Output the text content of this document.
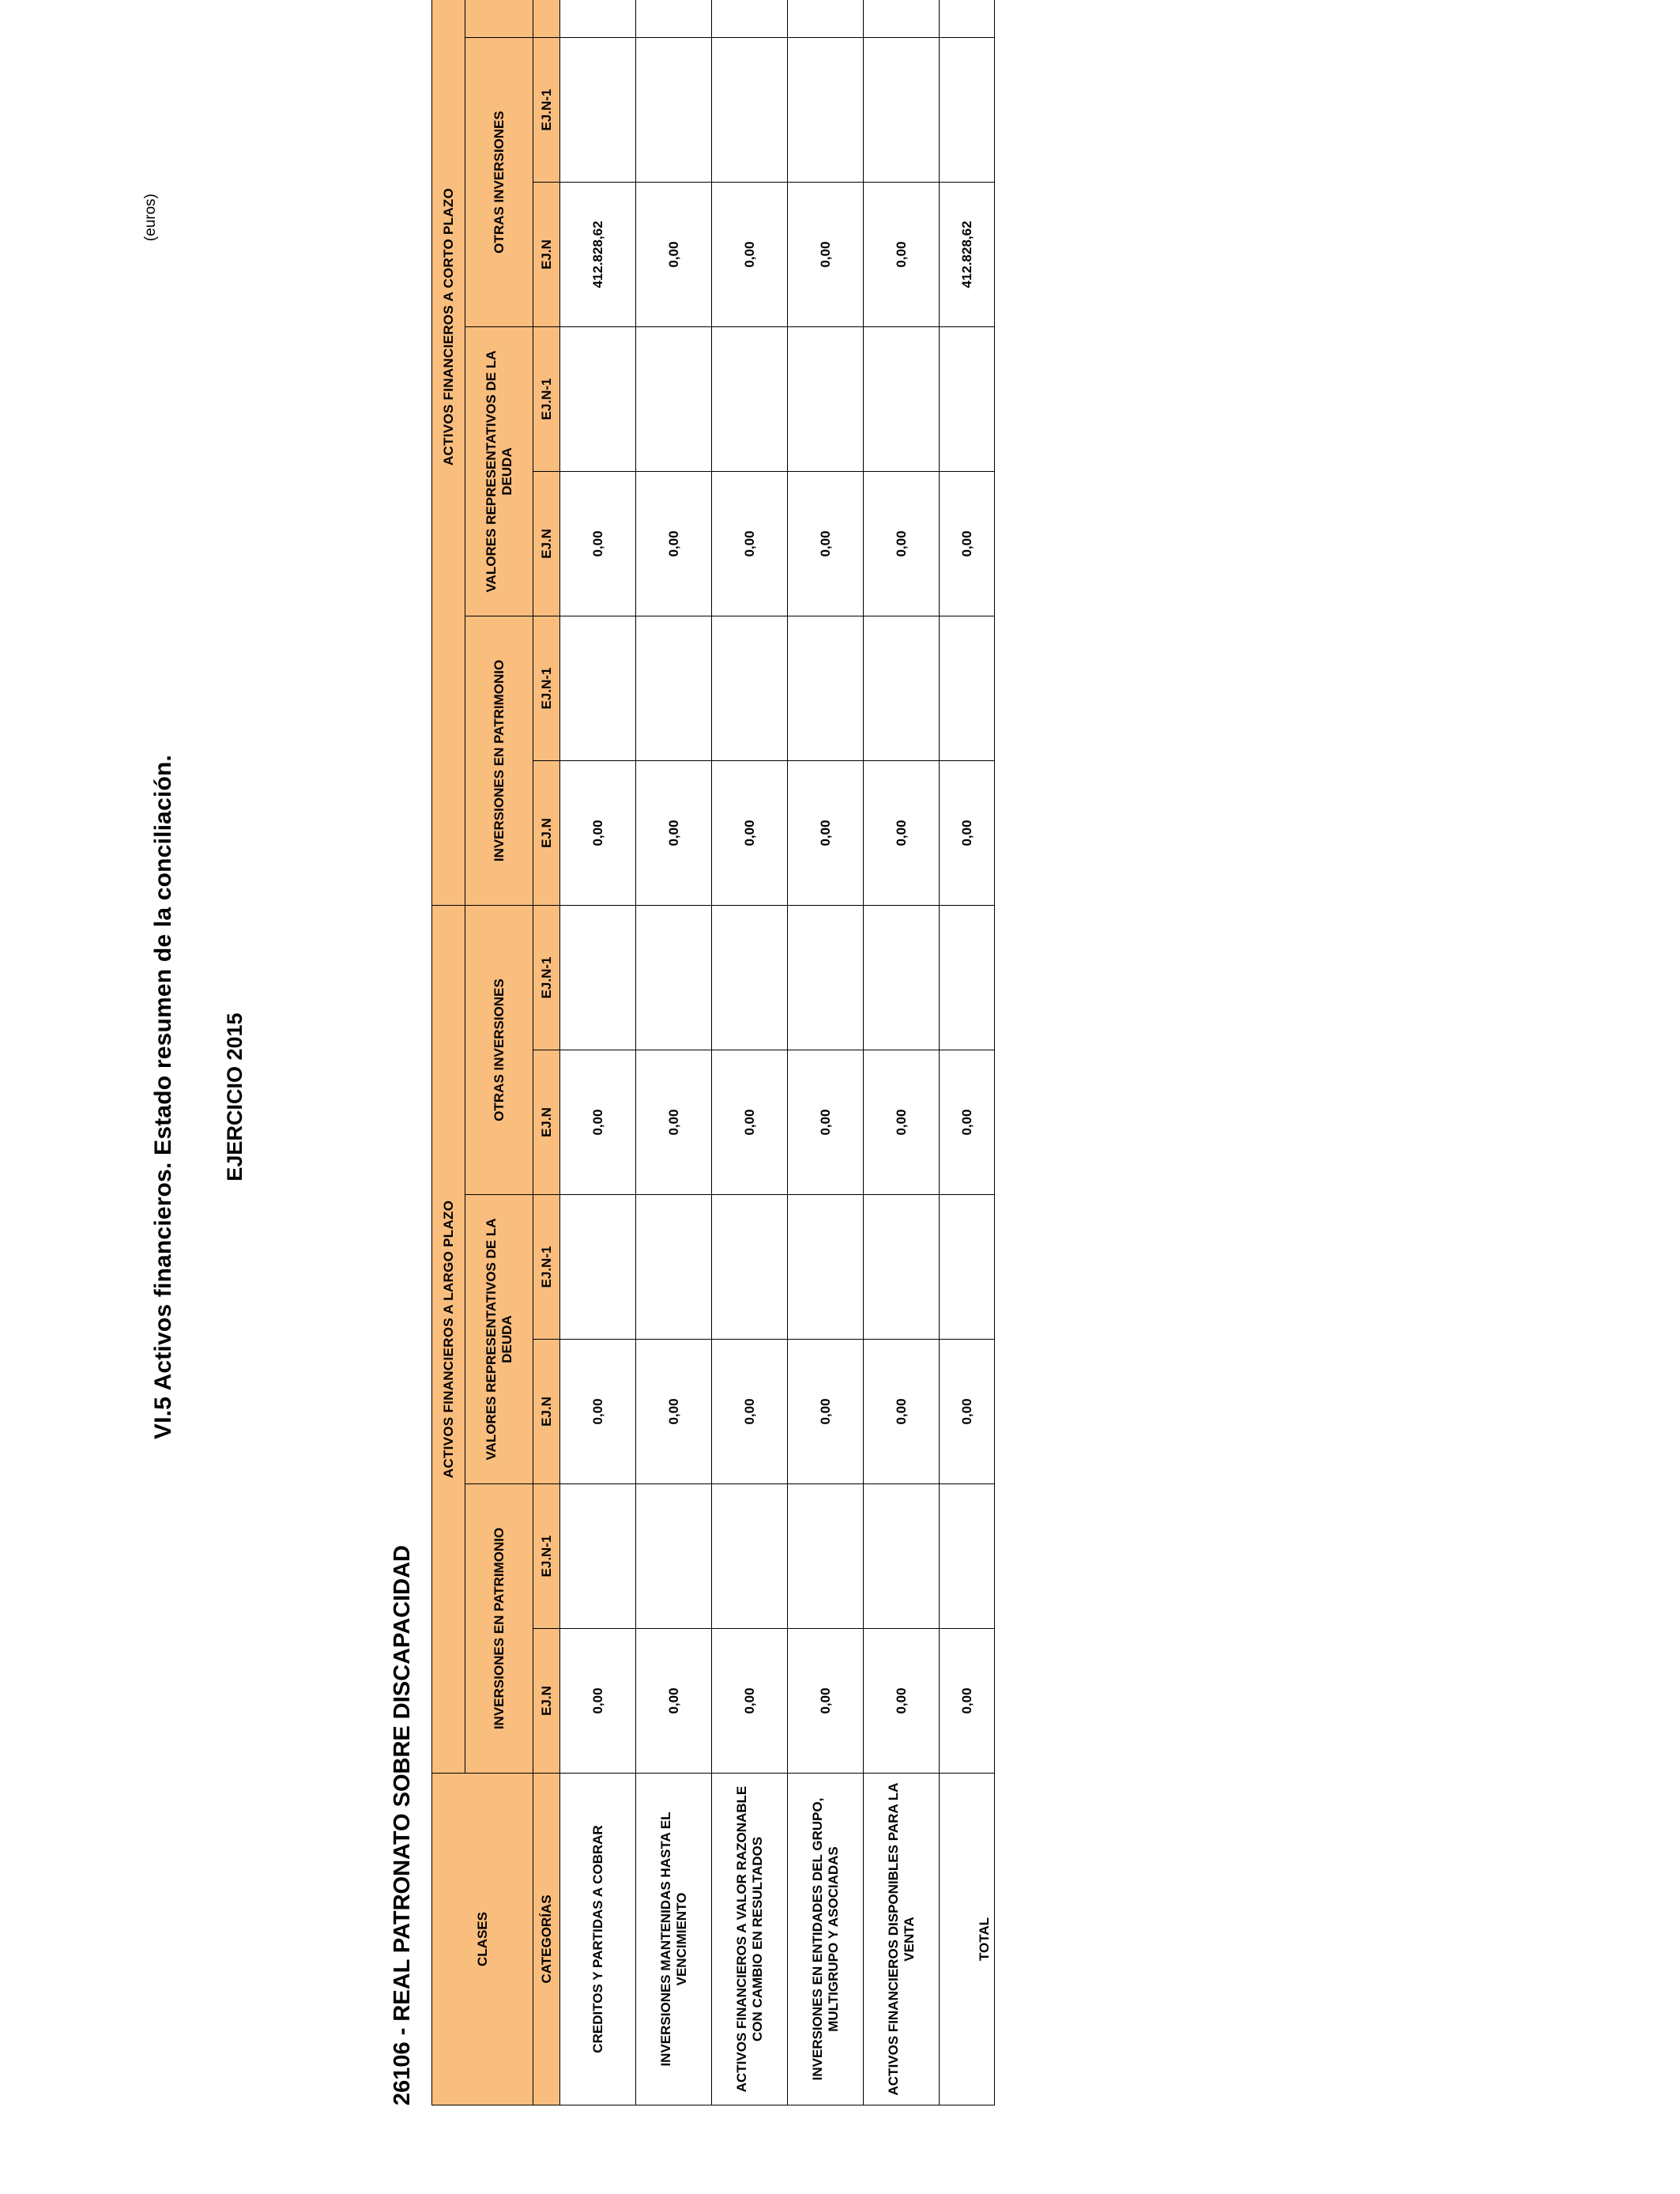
VI.5 Activos financieros. Estado resumen de la conciliación. EJERCICIO 2015
26106 - REAL PATRONATO SOBRE DISCAPACIDAD
(euros)
CLASES	ACTIVOS FINANCIEROS A LARGO PLAZO						ACTIVOS FINANCIEROS A CORTO PLAZO							
	INVERSIONES EN PATRIMONIO		VALORES REPRESENTATIVOS DE LA DEUDA		OTRAS INVERSIONES		INVERSIONES EN PATRIMONIO		VALORES REPRESENTATIVOS DE LA DEUDA		OTRAS INVERSIONES	
CATEGORÍAS	EJ.N	EJ.N-1	EJ.N	EJ.N-1	EJ.N	EJ.N-1	EJ.N	EJ.N-1	EJ.N	EJ.N-1	EJ.N	EJ.N-1		
CREDITOS Y PARTIDAS A COBRAR	0,00		0,00		0,00		0,00		0,00		412.828,62			
INVERSIONES MANTENIDAS HASTA EL VENCIMIENTO	0,00		0,00		0,00		0,00		0,00		0,00			
ACTIVOS FINANCIEROS A VALOR RAZONABLE CON CAMBIO EN RESULTADOS	0,00		0,00		0,00		0,00		0,00		0,00			
INVERSIONES EN ENTIDADES DEL GRUPO, MULTIGRUPO Y ASOCIADAS	0,00		0,00		0,00		0,00		0,00		0,00			
ACTIVOS FINANCIEROS DISPONIBLES PARA LA VENTA	0,00		0,00		0,00		0,00		0,00		0,00			
TOTAL	0,00		0,00		0,00		0,00		0,00		412.828,62			
